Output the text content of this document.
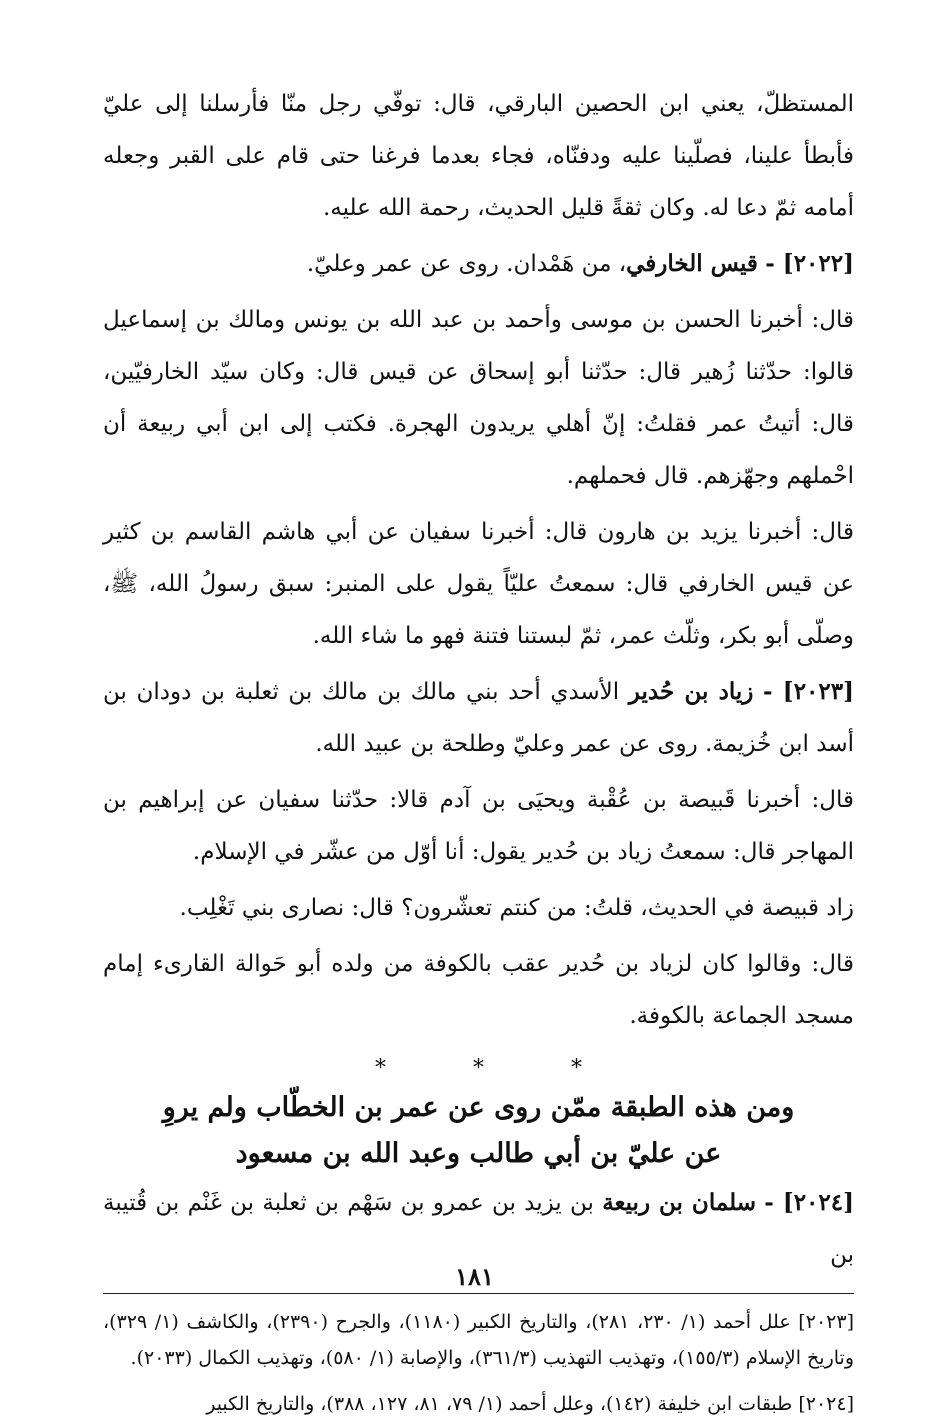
المستظلّ، يعني ابن الحصين البارقي، قال: توفّي رجل منّا فأرسلنا إلى عليّ فأبطأ علينا، فصلّينا عليه ودفنّاه، فجاء بعدما فرغنا حتى قام على القبر وجعله أمامه ثمّ دعا له. وكان ثقةً قليل الحديث، رحمة الله عليه.

[٢٠٢٢] - قيس الخارفي، من هَمْدان. روى عن عمر وعليّ.

قال: أخبرنا الحسن بن موسى وأحمد بن عبد الله بن يونس ومالك بن إسماعيل قالوا: حدّثنا زُهير قال: حدّثنا أبو إسحاق عن قيس قال: وكان سيّد الخارفيّين، قال: أتيتُ عمر فقلتُ: إنّ أهلي يريدون الهجرة. فكتب إلى ابن أبي ربيعة أن احْملهم وجهّزهم. قال فحملهم.

قال: أخبرنا يزيد بن هارون قال: أخبرنا سفيان عن أبي هاشم القاسم بن كثير عن قيس الخارفي قال: سمعتُ عليّاً يقول على المنبر: سبق رسولُ الله، ﷺ، وصلّى أبو بكر، وثلّث عمر، ثمّ لبستنا فتنة فهو ما شاء الله.

[٢٠٢٣] - زياد بن حُدير الأسدي أحد بني مالك بن مالك بن ثعلبة بن دودان بن أسد ابن خُزيمة. روى عن عمر وعليّ وطلحة بن عبيد الله.

قال: أخبرنا قَبيصة بن عُقْبة ويحيَى بن آدم قالا: حدّثنا سفيان عن إبراهيم بن المهاجر قال: سمعتُ زياد بن حُدير يقول: أنا أوّل من عشّر في الإسلام.

زاد قبيصة في الحديث، قلتُ: من كنتم تعشّرون؟ قال: نصارى بني تَغْلِب.

قال: وقالوا كان لزياد بن حُدير عقب بالكوفة من ولده أبو حَوالة القارىء إمام مسجد الجماعة بالكوفة.

* * *
ومن هذه الطبقة ممّن روى عن عمر بن الخطّاب ولم يروِ
عن عليّ بن أبي طالب وعبد الله بن مسعود

[٢٠٢٤] - سلمان بن ربيعة بن يزيد بن عمرو بن سَهْم بن ثعلبة بن غَنْم بن قُتيبة بن

[٢٠٢٣] علل أحمد (١/ ٢٣٠، ٢٨١)، والتاريخ الكبير (١١٨٠)، والجرح (٢٣٩٠)، والكاشف (١/ ٣٢٩)، وتاريخ الإسلام (١٥٥/٣)، وتهذيب التهذيب (٣٦١/٣)، والإصابة (١/ ٥٨٠)، وتهذيب الكمال (٢٠٣٣).

[٢٠٢٤] طبقات ابن خليفة (١٤٢)، وعلل أحمد (١/ ٧٩، ٨١، ١٢٧، ٣٨٨)، والتاريخ الكبير

١٨١
